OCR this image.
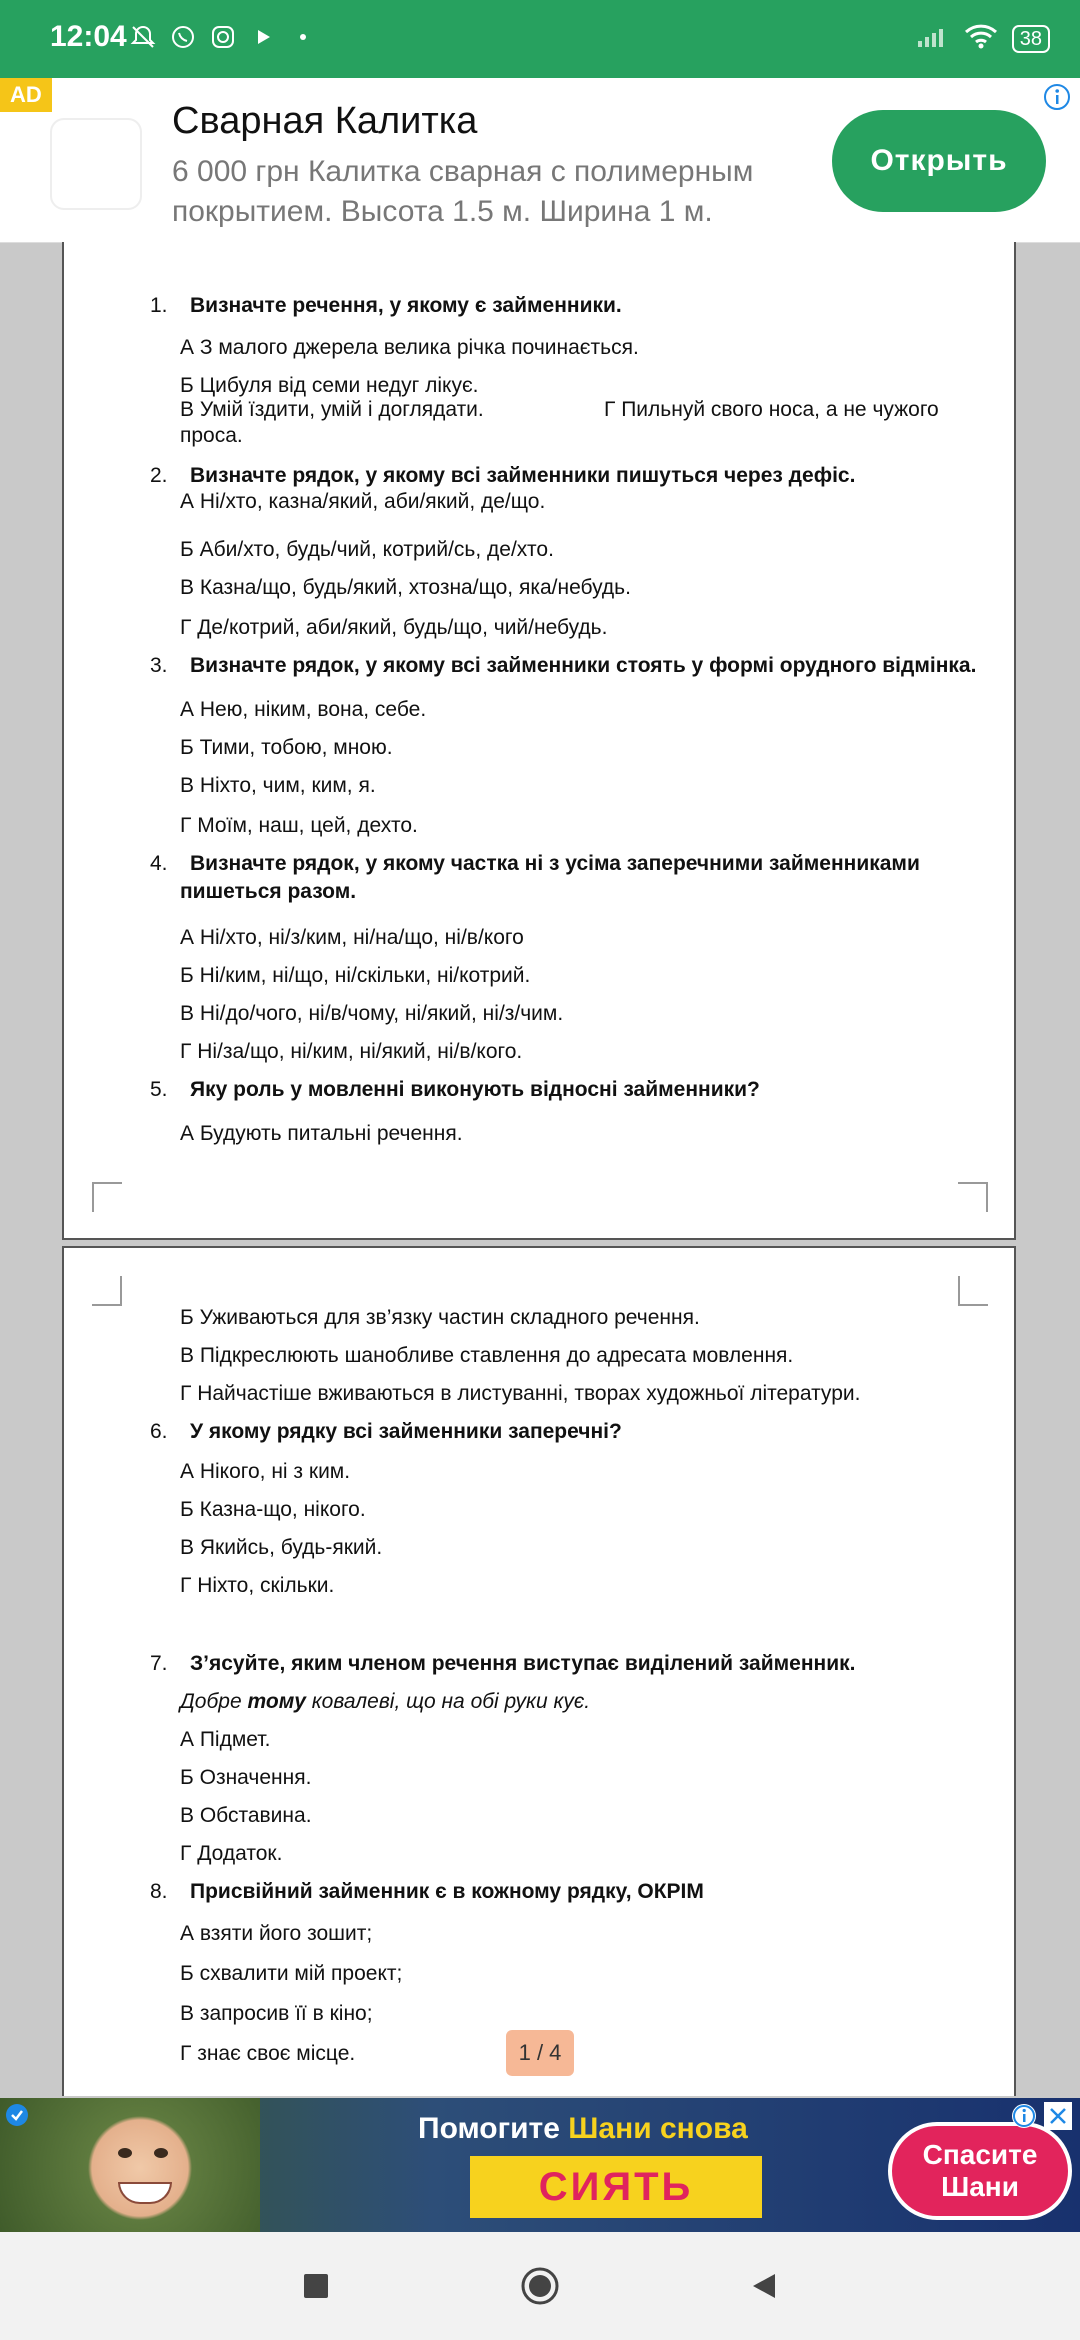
12:04	38
AD
Сварная Калитка
6 000 грн Калитка сварная с полимерным покрытием. Высота 1.5 м. Ширина 1 м.
Открыть
1. Визначте речення, у якому є займенники.
А З малого джерела велика річка починається.
Б Цибуля від семи недуг лікує.
В Умій їздити, умій і доглядати.	Г Пильнуй свого носа, а не чужого
проса.
2. Визначте рядок, у якому всі займенники пишуться через дефіс.
А Ні/хто, казна/який, аби/який, де/що.
Б Аби/хто, будь/чий, котрий/сь, де/хто.
В Казна/що, будь/який, хтозна/що, яка/небудь.
Г Де/котрий, аби/який, будь/що, чий/небудь.
3. Визначте рядок, у якому всі займенники стоять у формі орудного відмінка.
А Нею, ніким, вона, себе.
Б Тими, тобою, мною.
В Ніхто, чим, ким, я.
Г Моїм, наш, цей, дехто.
4. Визначте рядок, у якому частка ні з усіма заперечними займенниками
пишеться разом.
А Ні/хто, ні/з/ким, ні/на/що, ні/в/кого
Б Ні/ким, ні/що, ні/скільки, ні/котрий.
В Ні/до/чого, ні/в/чому, ні/який, ні/з/чим.
Г Ні/за/що, ні/ким, ні/який, ні/в/кого.
5. Яку роль у мовленні виконують відносні займенники?
А Будують питальні речення.
Б Уживаються для зв’язку частин складного речення.
В Підкреслюють шанобливе ставлення до адресата мовлення.
Г Найчастіше вживаються в листуванні, творах художньої літератури.
6. У якому рядку всі займенники заперечні?
А Нікого, ні з ким.
Б Казна-що, нікого.
В Якийсь, будь-який.
Г Ніхто, скільки.
7. З’ясуйте, яким членом речення виступає виділений займенник.
Добре тому ковалеві, що на обі руки кує.
А Підмет.
Б Означення.
В Обставина.
Г Додаток.
8. Присвійний займенник є в кожному рядку, ОКРІМ
А взяти його зошит;
Б схвалити мій проект;
В запросив її в кіно;
Г знає своє місце.	1 / 4
Помогите Шани снова
СИЯТЬ
Спасите
Шани
